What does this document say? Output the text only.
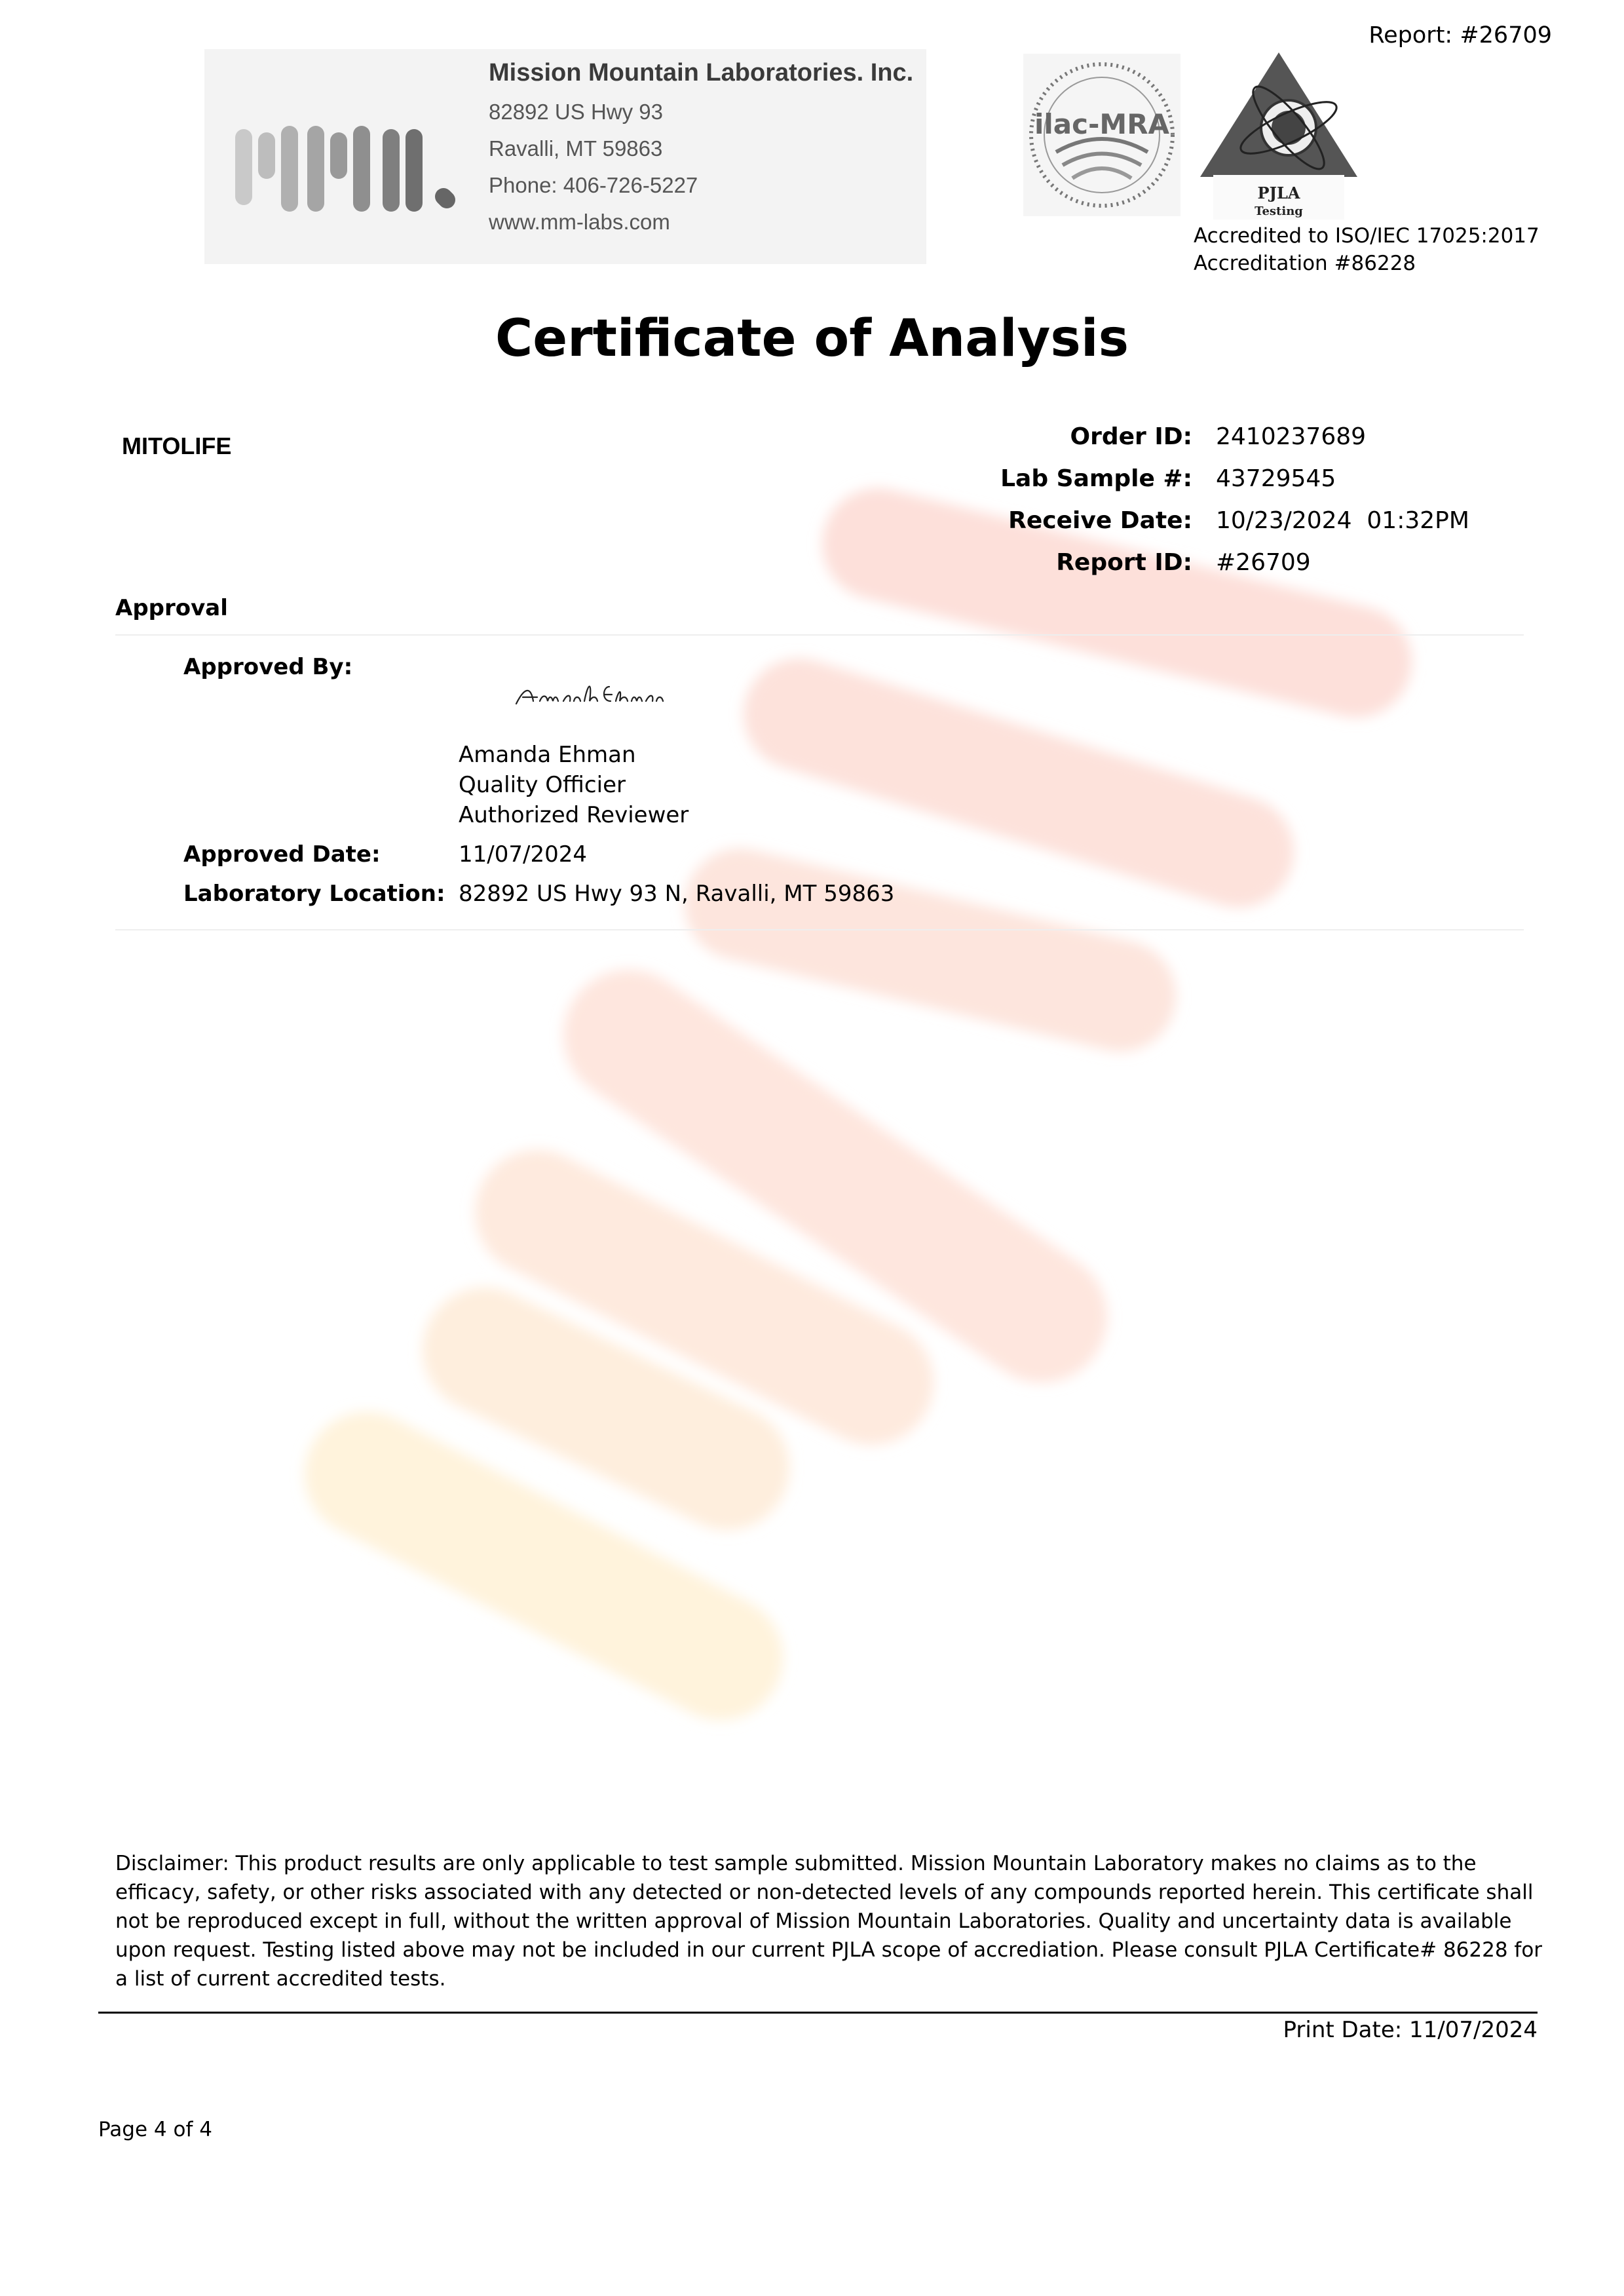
Report: #26709
Mission Mountain Laboratories. Inc.
82892 US Hwy 93
Ravalli, MT 59863
Phone: 406-726-5227
www.mm-labs.com
ilac-MRA
PJLA
Testing
Accredited to ISO/IEC 17025:2017
Accreditation #86228
Certificate of Analysis
MITOLIFE	Order ID: 2410237689
Lab Sample #: 43729545
Receive Date: 10/23/2024  01:32PM
Report ID: #26709
Approval
Approved By:
Amanda Ehman
Quality Officier
Authorized Reviewer
Approved Date:	11/07/2024
Laboratory Location: 82892 US Hwy 93 N, Ravalli, MT 59863
Disclaimer: This product results are only applicable to test sample submitted. Mission Mountain Laboratory makes no claims as to the efficacy, safety, or other risks associated with any detected or non-detected levels of any compounds reported herein. This certificate shall not be reproduced except in full, without the written approval of Mission Mountain Laboratories. Quality and uncertainty data is available upon request. Testing listed above may not be included in our current PJLA scope of accrediation. Please consult PJLA Certificate# 86228 for a list of current accredited tests.
Print Date: 11/07/2024
Page 4 of 4
